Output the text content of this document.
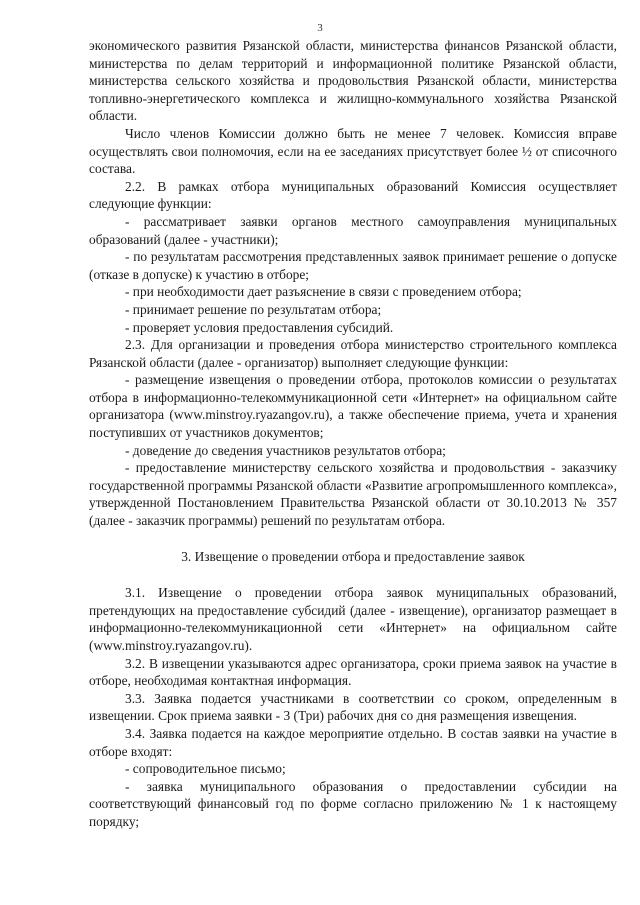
3

экономического развития Рязанской области, министерства финансов Рязанской области, министерства по делам территорий и информационной политике Рязанской области, министерства сельского хозяйства и продовольствия Рязанской области, министерства топливно-энергетического комплекса и жилищно-коммунального хозяйства Рязанской области.

Число членов Комиссии должно быть не менее 7 человек. Комиссия вправе осуществлять свои полномочия, если на ее заседаниях присутствует более ½ от списочного состава.

2.2. В рамках отбора муниципальных образований Комиссия осуществляет следующие функции:

- рассматривает заявки органов местного самоуправления муниципальных образований (далее - участники);

- по результатам рассмотрения представленных заявок принимает решение о допуске (отказе в допуске) к участию в отборе;

- при необходимости дает разъяснение в связи с проведением отбора;

- принимает решение по результатам отбора;

- проверяет условия предоставления субсидий.

2.3. Для организации и проведения отбора министерство строительного комплекса Рязанской области (далее - организатор) выполняет следующие функции:

- размещение извещения о проведении отбора, протоколов комиссии о результатах отбора в информационно-телекоммуникационной сети «Интернет» на официальном сайте организатора (www.minstroy.ryazangov.ru), а также обеспечение приема, учета и хранения поступивших от участников документов;

- доведение до сведения участников результатов отбора;

- предоставление министерству сельского хозяйства и продовольствия - заказчику государственной программы Рязанской области «Развитие агропромышленного комплекса», утвержденной Постановлением Правительства Рязанской области от 30.10.2013 № 357 (далее - заказчик программы) решений по результатам отбора.

3. Извещение о проведении отбора и предоставление заявок

3.1. Извещение о проведении отбора заявок муниципальных образований, претендующих на предоставление субсидий (далее - извещение), организатор размещает в информационно-телекоммуникационной сети «Интернет» на официальном сайте (www.minstroy.ryazangov.ru).

3.2. В извещении указываются адрес организатора, сроки приема заявок на участие в отборе, необходимая контактная информация.

3.3. Заявка подается участниками в соответствии со сроком, определенным в извещении. Срок приема заявки - 3 (Три) рабочих дня со дня размещения извещения.

3.4. Заявка подается на каждое мероприятие отдельно. В состав заявки на участие в отборе входят:

- сопроводительное письмо;

- заявка муниципального образования о предоставлении субсидии на соответствующий финансовый год по форме согласно приложению № 1 к настоящему порядку;
